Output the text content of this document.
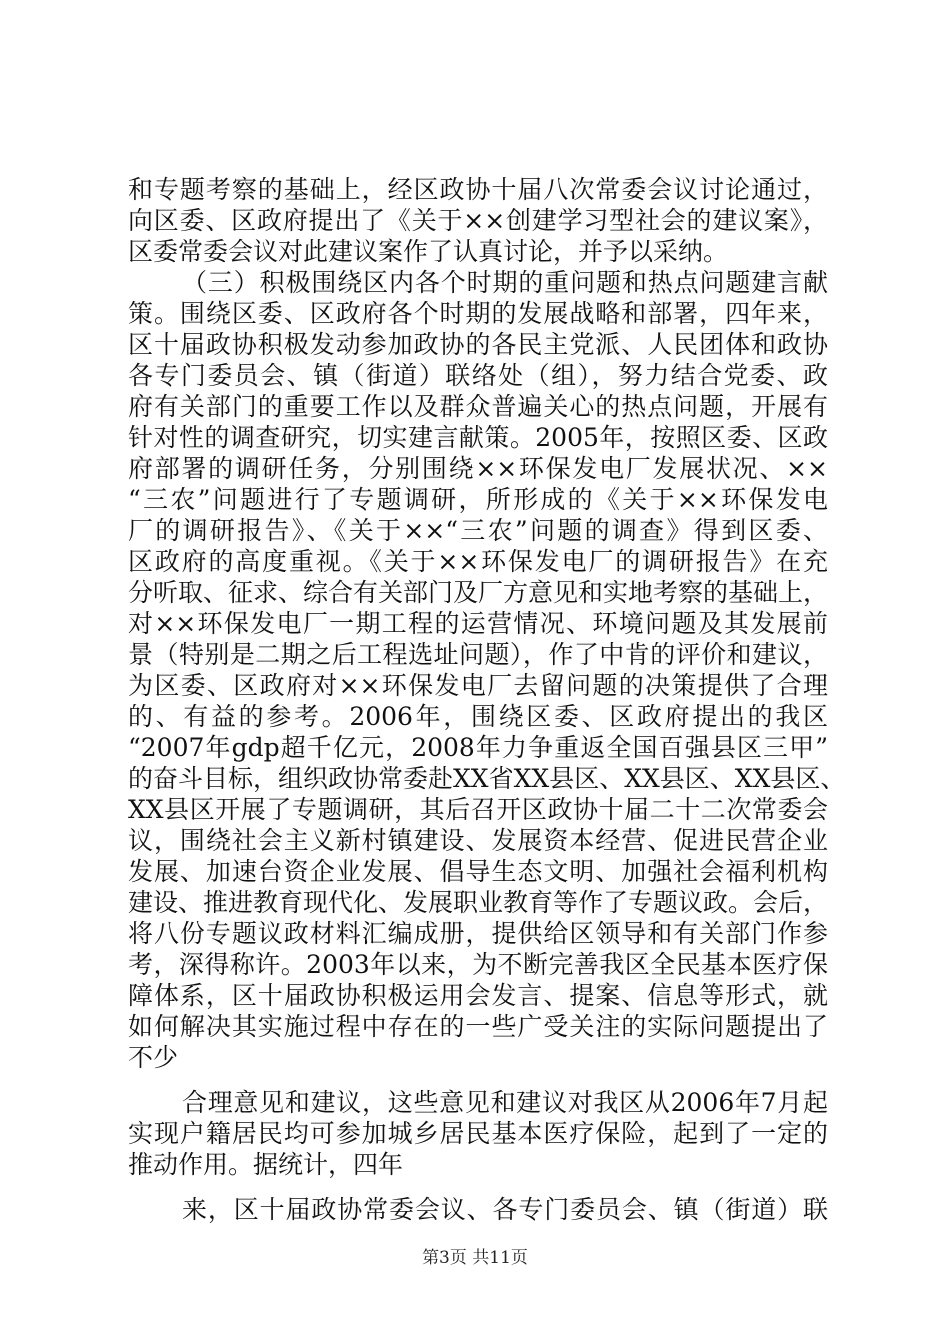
和专题考察的基础上，经区政协十届八次常委会议讨论通过，
向区委、区政府提出了《关于××创建学习型社会的建议案》，
区委常委会议对此建议案作了认真讨论，并予以采纳。
（三）积极围绕区内各个时期的重问题和热点问题建言献
策。围绕区委、区政府各个时期的发展战略和部署，四年来，
区十届政协积极发动参加政协的各民主党派、人民团体和政协
各专门委员会、镇（街道）联络处（组），努力结合党委、政
府有关部门的重要工作以及群众普遍关心的热点问题，开展有
针对性的调查研究，切实建言献策。2005年，按照区委、区政
府部署的调研任务，分别围绕××环保发电厂发展状况、××
“三农”问题进行了专题调研，所形成的《关于××环保发电
厂的调研报告》、《关于××“三农”问题的调查》得到区委、
区政府的高度重视。《关于××环保发电厂的调研报告》在充
分听取、征求、综合有关部门及厂方意见和实地考察的基础上，
对××环保发电厂一期工程的运营情况、环境问题及其发展前
景（特别是二期之后工程选址问题），作了中肯的评价和建议，
为区委、区政府对××环保发电厂去留问题的决策提供了合理
的、有益的参考。2006年，围绕区委、区政府提出的我区
“2007年gdp超千亿元，2008年力争重返全国百强县区三甲”
的奋斗目标，组织政协常委赴XX省XX县区、XX县区、XX县区、
XX县区开展了专题调研，其后召开区政协十届二十二次常委会
议，围绕社会主义新村镇建设、发展资本经营、促进民营企业
发展、加速台资企业发展、倡导生态文明、加强社会福利机构
建设、推进教育现代化、发展职业教育等作了专题议政。会后，
将八份专题议政材料汇编成册，提供给区领导和有关部门作参
考，深得称许。2003年以来，为不断完善我区全民基本医疗保
障体系，区十届政协积极运用会发言、提案、信息等形式，就
如何解决其实施过程中存在的一些广受关注的实际问题提出了
不少
合理意见和建议，这些意见和建议对我区从2006年7月起
实现户籍居民均可参加城乡居民基本医疗保险，起到了一定的
推动作用。据统计，四年
来，区十届政协常委会议、各专门委员会、镇（街道）联
第3页 共11页
